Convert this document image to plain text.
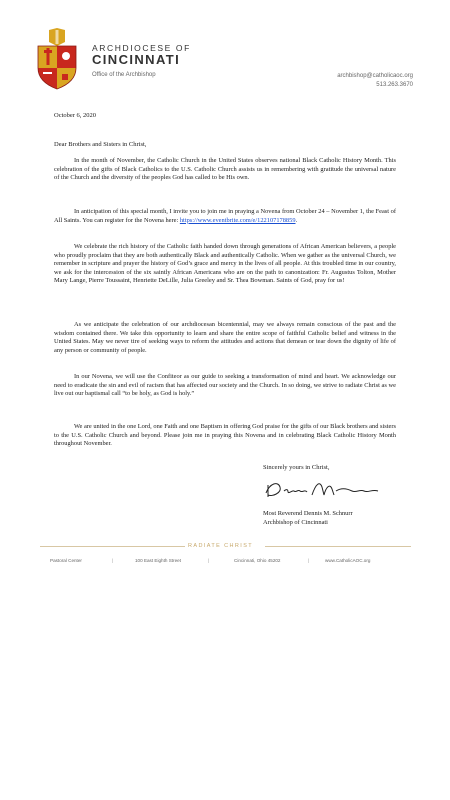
ARCHDIOCESE OF
CINCINNATI
Office of the Archbishop	archbishop@catholicaoc.org
513.263.3670
October 6, 2020
Dear Brothers and Sisters in Christ,
In the month of November, the Catholic Church in the United States observes national Black Catholic History Month. This celebration of the gifts of Black Catholics to the U.S. Catholic Church assists us in remembering with gratitude the universal nature of the Church and the diversity of the peoples God has called to be His own.
In anticipation of this special month, I invite you to join me in praying a Novena from October 24 – November 1, the Feast of All Saints. You can register for the Novena here: https://www.eventbrite.com/e/122107178859.
We celebrate the rich history of the Catholic faith handed down through generations of African American believers, a people who proudly proclaim that they are both authentically Black and authentically Catholic. When we gather as the universal Church, we remember in scripture and prayer the history of God’s grace and mercy in the lives of all people. At this troubled time in our country, we ask for the intercession of the six saintly African Americans who are on the path to canonization: Fr. Augustus Tolton, Mother Mary Lange, Pierre Toussaint, Henriette DeLille, Julia Greeley and Sr. Thea Bowman. Saints of God, pray for us!
As we anticipate the celebration of our archdiocesan bicentennial, may we always remain conscious of the past and the wisdom contained there. We take this opportunity to learn and share the entire scope of faithful Catholic belief and witness in the United States. May we never tire of seeking ways to reform the attitudes and actions that demean or tear down the dignity of life of any person or community of people.
In our Novena, we will use the Confiteor as our guide to seeking a transformation of mind and heart. We acknowledge our need to eradicate the sin and evil of racism that has affected our society and the Church. In so doing, we strive to radiate Christ as we live out our baptismal call “to be holy, as God is holy.”
We are united in the one Lord, one Faith and one Baptism in offering God praise for the gifts of our Black brothers and sisters to the U.S. Catholic Church and beyond. Please join me in praying this Novena and in celebrating Black Catholic History Month throughout November.
Sincerely yours in Christ,
Most Reverend Dennis M. Schnurr
Archbishop of Cincinnati
RADIATE CHRIST
Pastoral Center	|	100 East Eighth Street	|	Cincinnati, Ohio 45202	|	www.CatholicAOC.org
